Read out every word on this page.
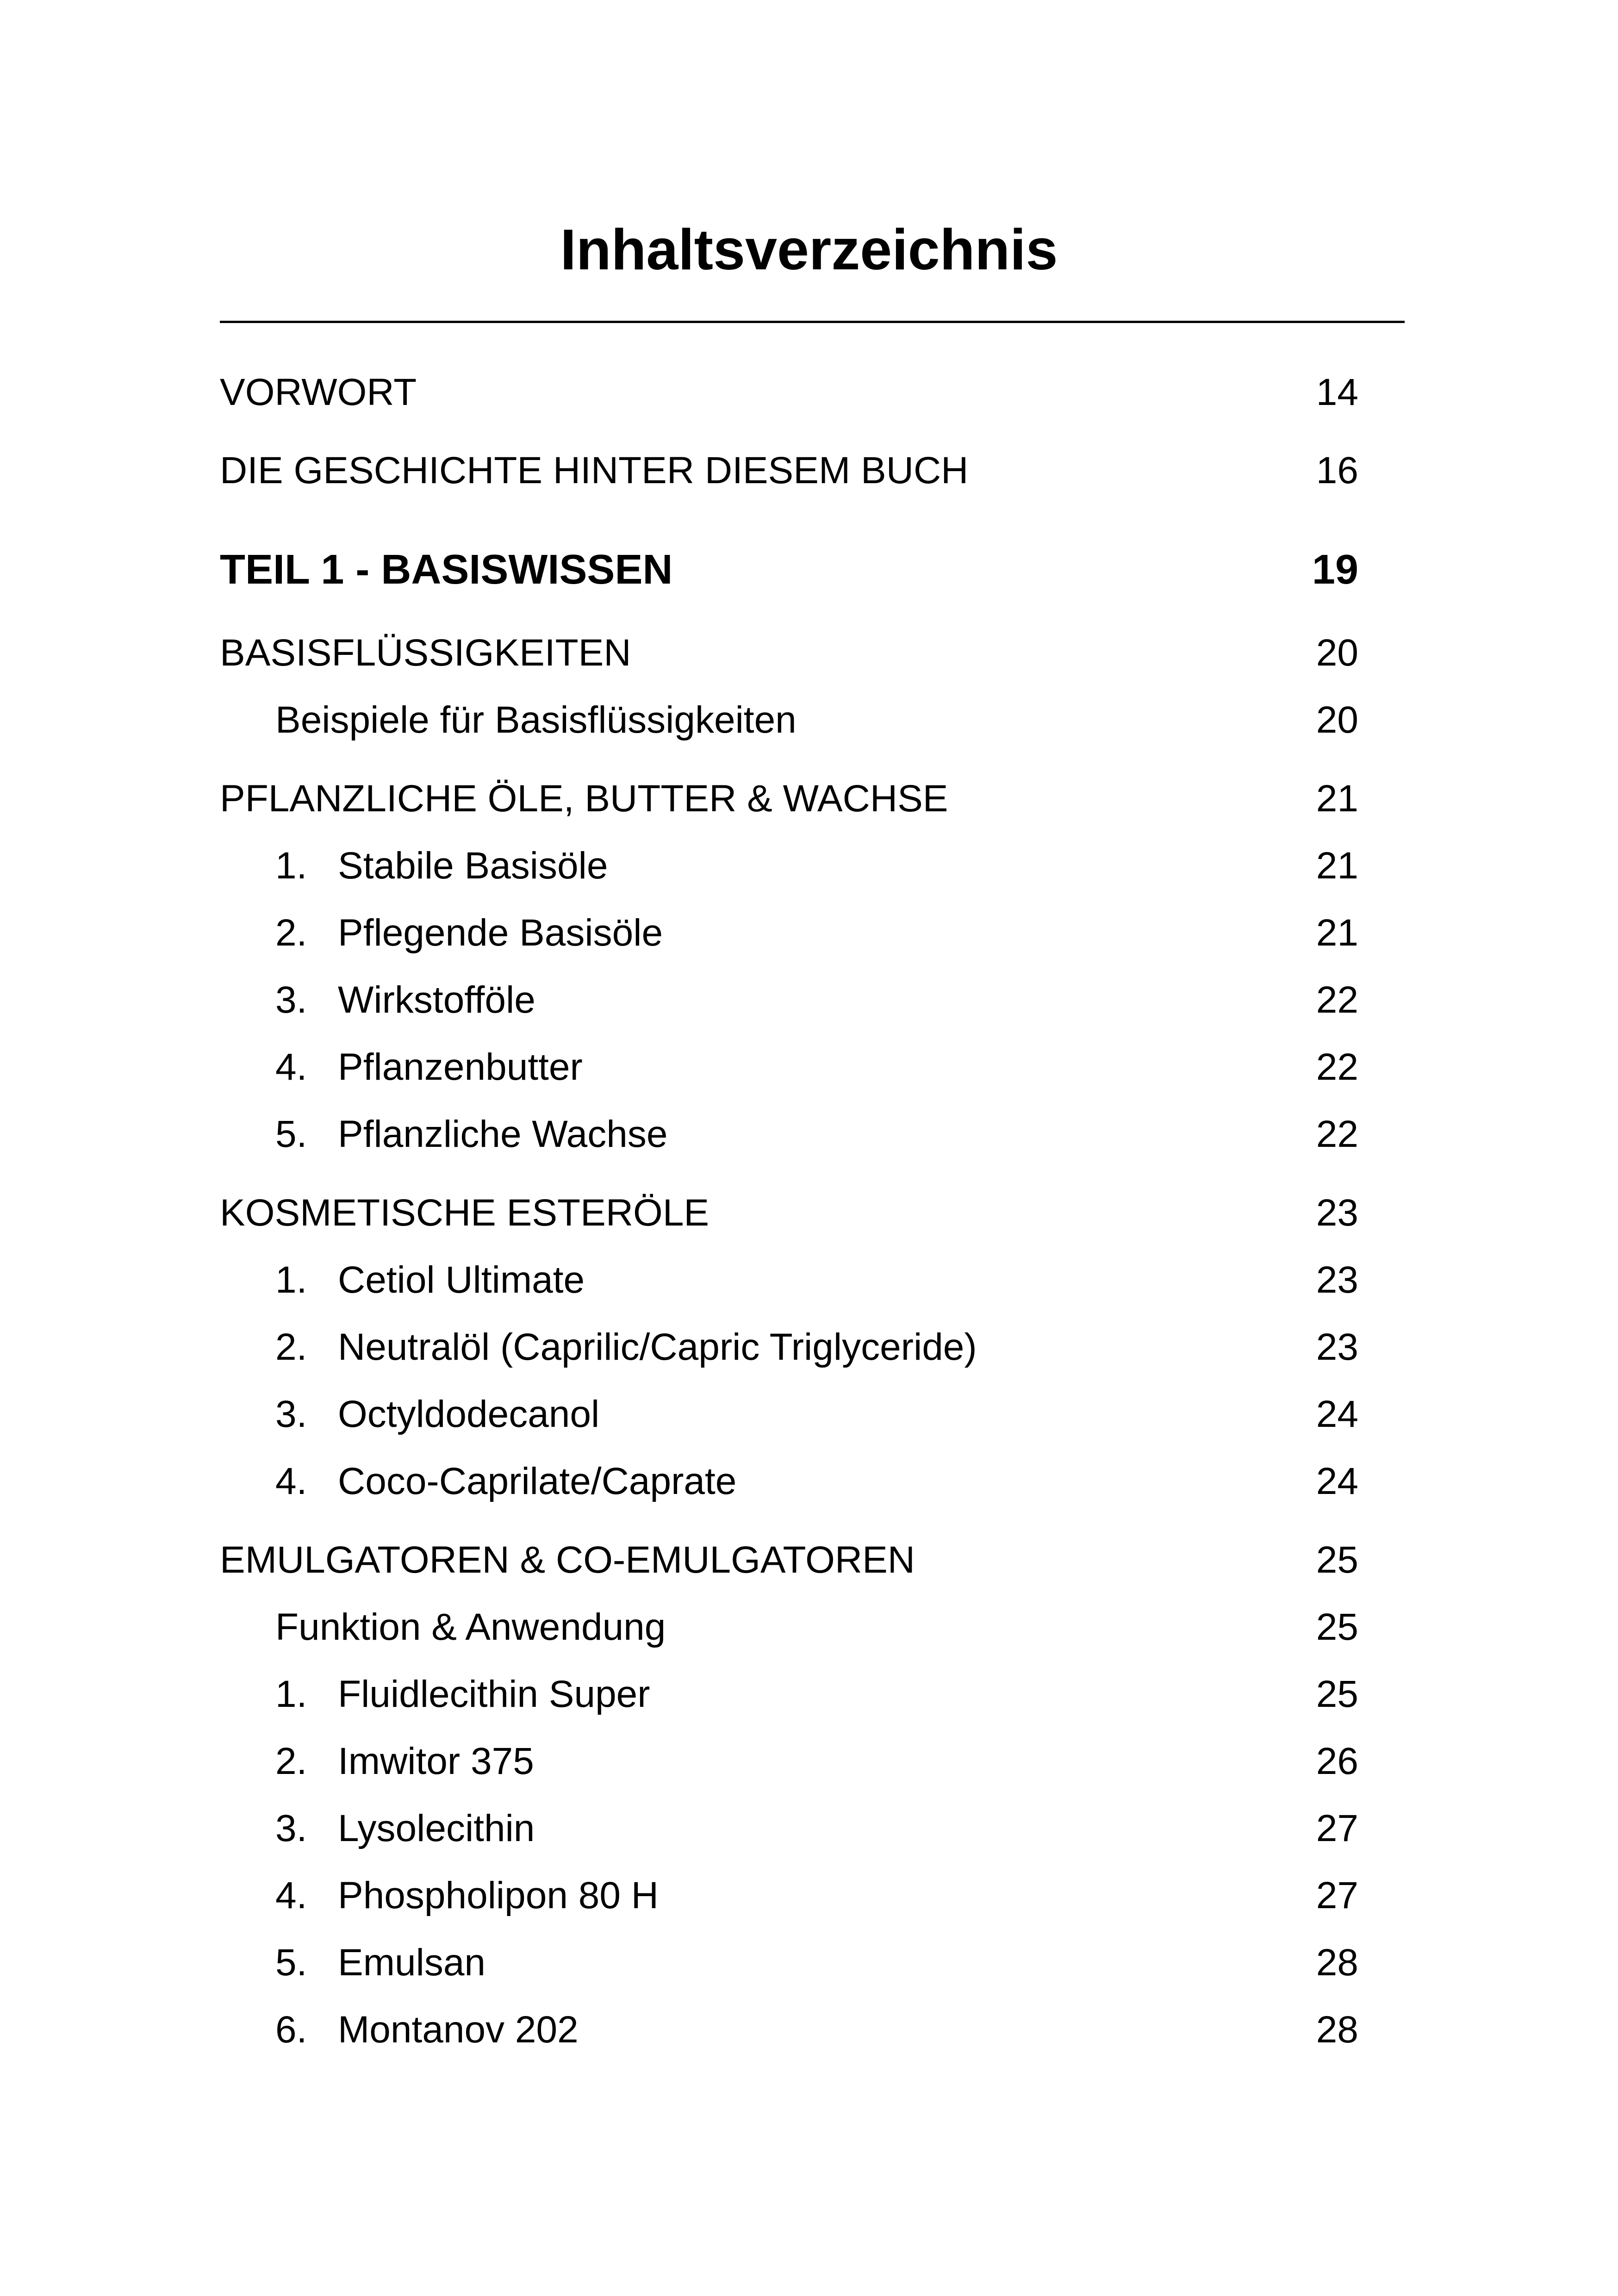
Inhaltsverzeichnis
VORWORT	14
DIE GESCHICHTE HINTER DIESEM BUCH	16
TEIL 1 - BASISWISSEN	19
BASISFLÜSSIGKEITEN	20
Beispiele für Basisflüssigkeiten	20
PFLANZLICHE ÖLE, BUTTER & WACHSE	21
1. Stabile Basisöle	21
2. Pflegende Basisöle	21
3. Wirkstofföle	22
4. Pflanzenbutter	22
5. Pflanzliche Wachse	22
KOSMETISCHE ESTERÖLE	23
1. Cetiol Ultimate	23
2. Neutralöl (Caprilic/Capric Triglyceride)	23
3. Octyldodecanol	24
4. Coco-Caprilate/Caprate	24
EMULGATOREN & CO-EMULGATOREN	25
Funktion & Anwendung	25
1. Fluidlecithin Super	25
2. Imwitor 375	26
3. Lysolecithin	27
4. Phospholipon 80 H	27
5. Emulsan	28
6. Montanov 202	28
